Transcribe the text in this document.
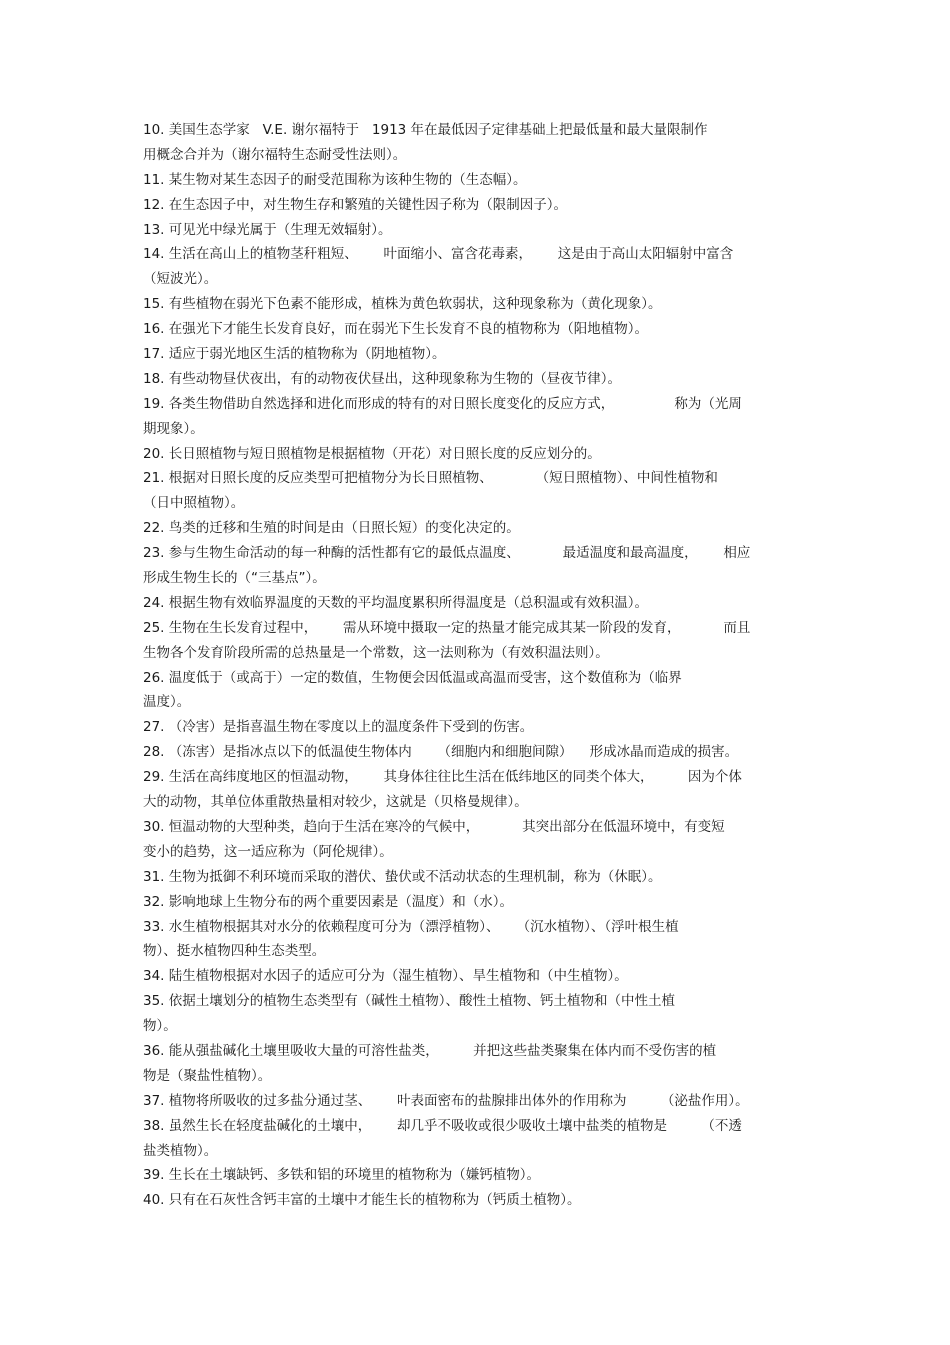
10. 美国生态学家   V.E. 谢尔福特于   1913 年在最低因子定律基础上把最低量和最大量限制作
用概念合并为（谢尔福特生态耐受性法则）。
11. 某生物对某生态因子的耐受范围称为该种生物的（生态幅）。
12. 在生态因子中，对生物生存和繁殖的关键性因子称为（限制因子）。
13. 可见光中绿光属于（生理无效辐射）。
14. 生活在高山上的植物茎秆粗短、      叶面缩小、富含花毒素，      这是由于高山太阳辐射中富含
（短波光）。
15. 有些植物在弱光下色素不能形成，植株为黄色软弱状，这种现象称为（黄化现象）。
16. 在强光下才能生长发育良好，而在弱光下生长发育不良的植物称为（阳地植物）。
17. 适应于弱光地区生活的植物称为（阴地植物）。
18. 有些动物昼伏夜出，有的动物夜伏昼出，这种现象称为生物的（昼夜节律）。
19. 各类生物借助自然选择和进化而形成的特有的对日照长度变化的反应方式，              称为（光周
期现象）。
20. 长日照植物与短日照植物是根据植物（开花）对日照长度的反应划分的。
21. 根据对日照长度的反应类型可把植物分为长日照植物、          （短日照植物）、中间性植物和
（日中照植物）。
22. 鸟类的迁移和生殖的时间是由（日照长短）的变化决定的。
23. 参与生物生命活动的每一种酶的活性都有它的最低点温度、          最适温度和最高温度，      相应
形成生物生长的（“三基点”）。
24. 根据生物有效临界温度的天数的平均温度累积所得温度是（总积温或有效积温）。
25. 生物在生长发育过程中，      需从环境中摄取一定的热量才能完成其某一阶段的发育，          而且
生物各个发育阶段所需的总热量是一个常数，这一法则称为（有效积温法则）。
26. 温度低于（或高于）一定的数值，生物便会因低温或高温而受害，这个数值称为（临界
温度）。
27. （冷害）是指喜温生物在零度以上的温度条件下受到的伤害。
28. （冻害）是指冰点以下的低温使生物体内      （细胞内和细胞间隙）    形成冰晶而造成的损害。
29. 生活在高纬度地区的恒温动物，      其身体往往比生活在低纬地区的同类个体大，        因为个体
大的动物，其单位体重散热量相对较少，这就是（贝格曼规律）。
30. 恒温动物的大型种类，趋向于生活在寒冷的气候中，          其突出部分在低温环境中，有变短
变小的趋势，这一适应称为（阿伦规律）。
31. 生物为抵御不利环境而采取的潜伏、蛰伏或不活动状态的生理机制，称为（休眠）。
32. 影响地球上生物分布的两个重要因素是（温度）和（水）。
33. 水生植物根据其对水分的依赖程度可分为（漂浮植物）、    （沉水植物）、（浮叶根生植
物）、挺水植物四种生态类型。
34. 陆生植物根据对水因子的适应可分为（湿生植物）、旱生植物和（中生植物）。
35. 依据土壤划分的植物生态类型有（碱性土植物）、酸性土植物、钙土植物和（中性土植
物）。
36. 能从强盐碱化土壤里吸收大量的可溶性盐类，        并把这些盐类聚集在体内而不受伤害的植
物是（聚盐性植物）。
37. 植物将所吸收的过多盐分通过茎、      叶表面密布的盐腺排出体外的作用称为        （泌盐作用）。
38. 虽然生长在轻度盐碱化的土壤中，      却几乎不吸收或很少吸收土壤中盐类的植物是        （不透
盐类植物）。
39. 生长在土壤缺钙、多铁和铝的环境里的植物称为（嫌钙植物）。
40. 只有在石灰性含钙丰富的土壤中才能生长的植物称为（钙质土植物）。
